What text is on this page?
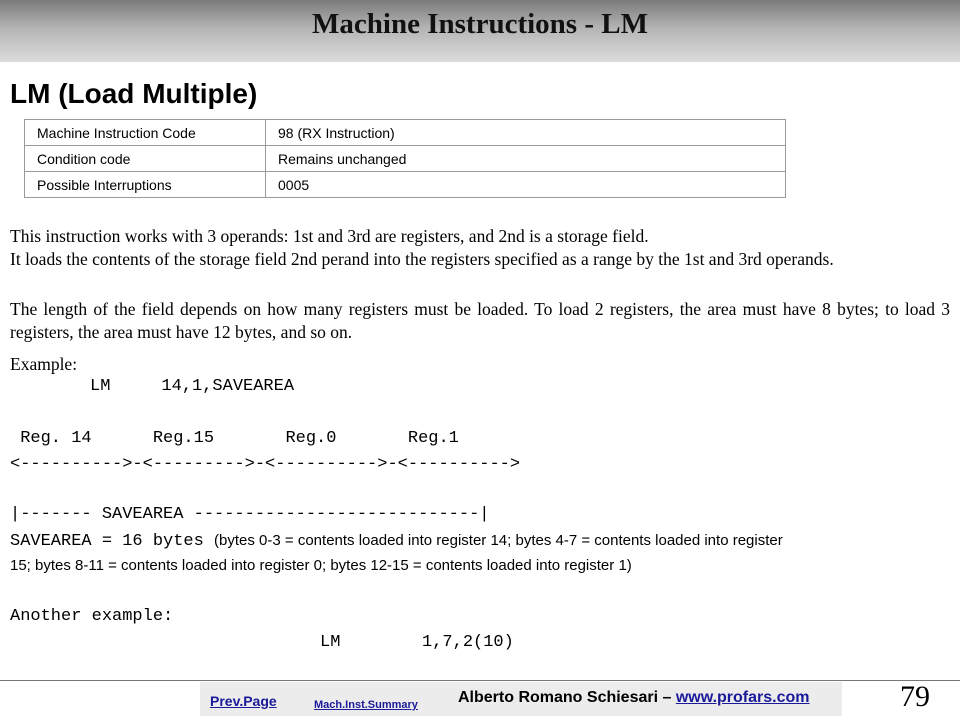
Machine Instructions - LM
LM (Load Multiple)
Machine Instruction Code	98 (RX Instruction)
Condition code	Remains unchanged
Possible Interruptions	0005
This instruction works with 3 operands: 1st and 3rd are registers, and 2nd is a storage field.
It loads the contents of the storage field 2nd perand into the registers specified as a range by the 1st and 3rd operands.
The length of the field depends on how many registers must be loaded. To load 2 registers, the area must have 8 bytes; to load 3 registers, the area must have 12 bytes, and so on.
Example:
LM     14,1,SAVEAREA
Reg. 14      Reg.15       Reg.0       Reg.1
<---------->-<--------->-<---------->-<---------->
|------- SAVEAREA ----------------------------|
SAVEAREA = 16 bytes (bytes 0-3 = contents loaded into register 14; bytes 4-7 = contents loaded into register
15; bytes 8-11 = contents loaded into register 0; bytes 12-15 = contents loaded into register 1)
Another example:
LM        1,7,2(10)
Prev.Page	Mach.Inst.Summary	Alberto Romano Schiesari – www.profars.com	79
